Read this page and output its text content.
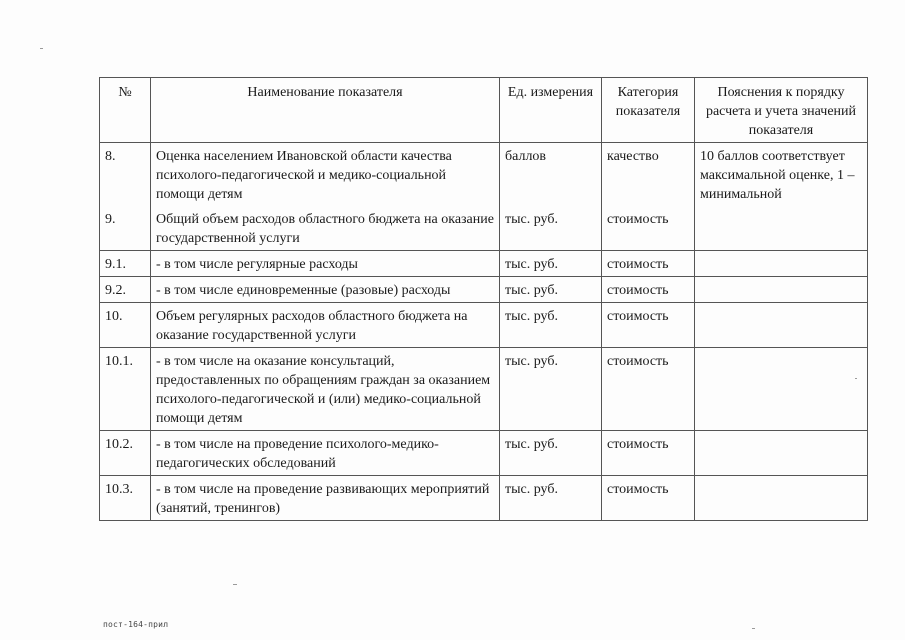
№	Наименование показателя	Ед. измерения	Категория показателя	Пояснения к порядку расчета и учета значений показателя
8.	Оценка населением Ивановской области качества психолого-педагогической и медико-социальной помощи детям	баллов	качество	10 баллов соответствует максимальной оценке, 1 – минимальной
9.	Общий объем расходов областного бюджета на оказание государственной услуги	тыс. руб.	стоимость	
9.1.	- в том числе регулярные расходы	тыс. руб.	стоимость	
9.2.	- в том числе единовременные (разовые) расходы	тыс. руб.	стоимость	
10.	Объем регулярных расходов областного бюджета на оказание государственной услуги	тыс. руб.	стоимость	
10.1.	- в том числе на оказание консультаций, предоставленных по обращениям граждан за оказанием психолого-педагогической и (или) медико-социальной помощи детям	тыс. руб.	стоимость	
10.2.	- в том числе на проведение психолого-медико-педагогических обследований	тыс. руб.	стоимость	
10.3.	- в том числе на проведение развивающих мероприятий (занятий, тренингов)	тыс. руб.	стоимость	
пост-164-прил
